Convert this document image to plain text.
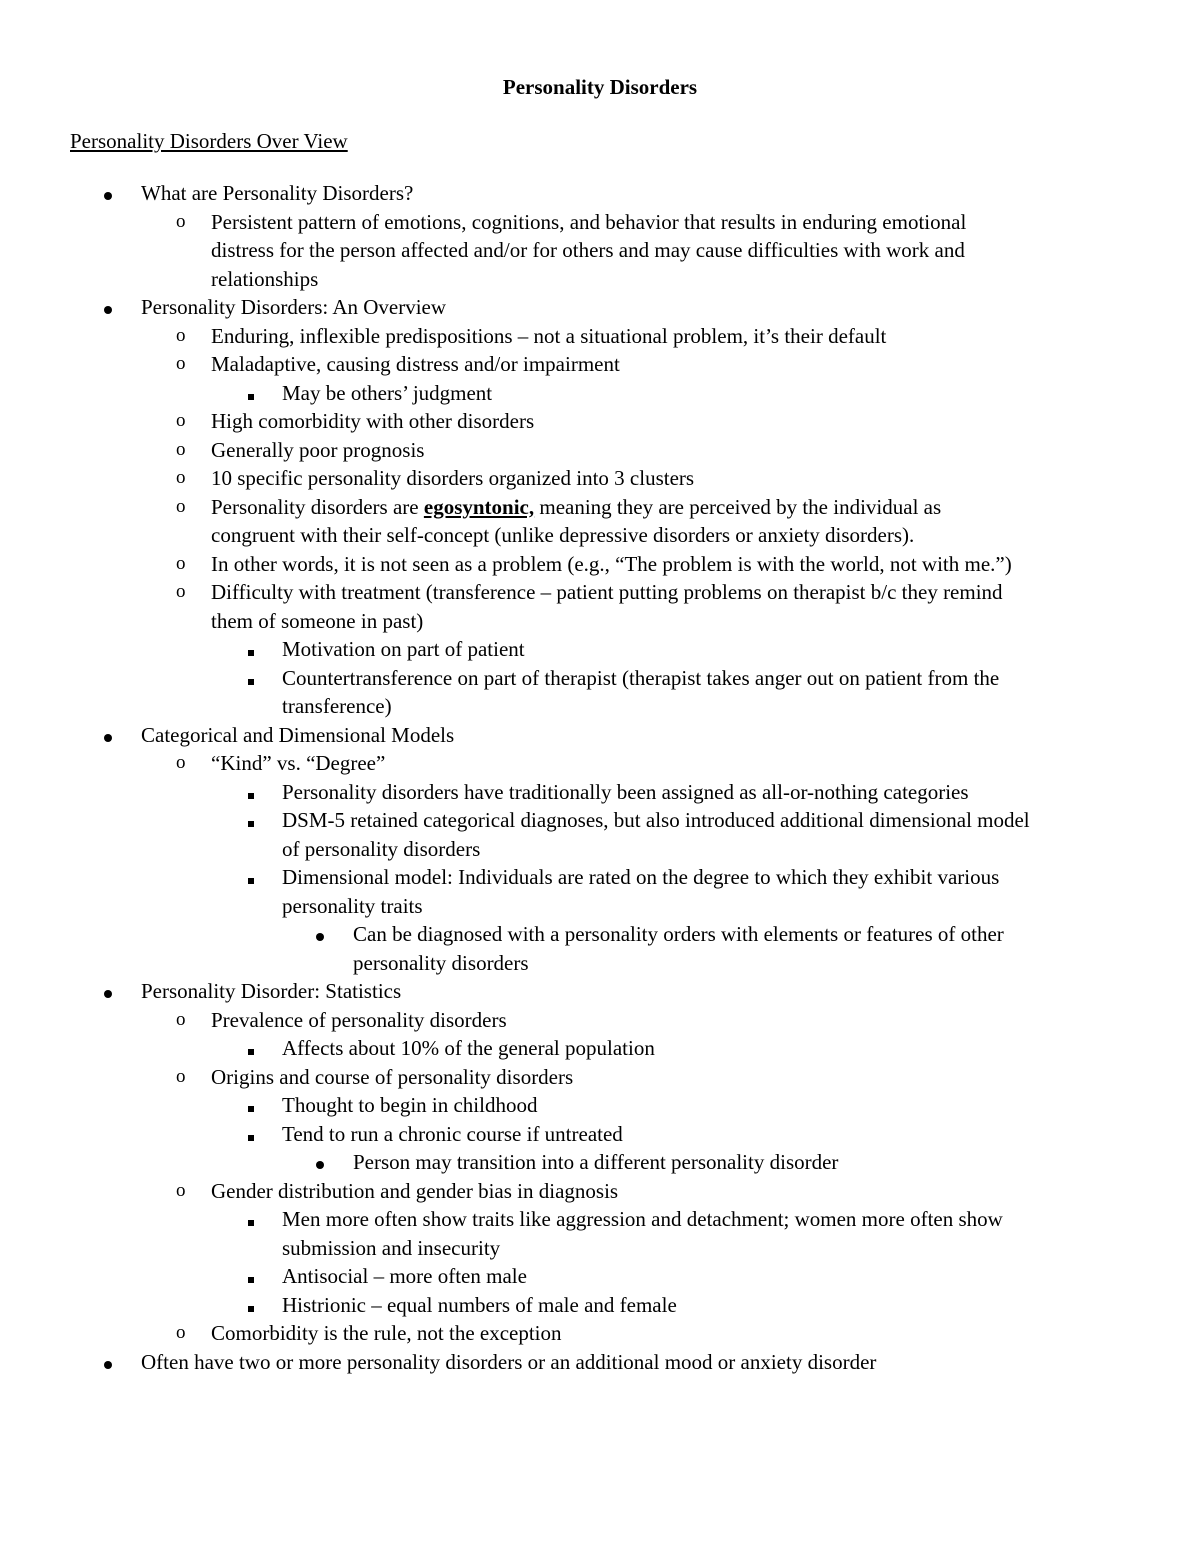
Personality Disorders
Personality Disorders Over View
What are Personality Disorders?
o Persistent pattern of emotions, cognitions, and behavior that results in enduring emotional
distress for the person affected and/or for others and may cause difficulties with work and
relationships
Personality Disorders: An Overview
o Enduring, inflexible predispositions – not a situational problem, it’s their default
o Maladaptive, causing distress and/or impairment
May be others’ judgment
o High comorbidity with other disorders
o Generally poor prognosis
o 10 specific personality disorders organized into 3 clusters
o Personality disorders are egosyntonic, meaning they are perceived by the individual as
congruent with their self-concept (unlike depressive disorders or anxiety disorders).
o In other words, it is not seen as a problem (e.g., “The problem is with the world, not with me.”)
o Difficulty with treatment (transference – patient putting problems on therapist b/c they remind
them of someone in past)
Motivation on part of patient
Countertransference on part of therapist (therapist takes anger out on patient from the
transference)
Categorical and Dimensional Models
o “Kind” vs. “Degree”
Personality disorders have traditionally been assigned as all-or-nothing categories
DSM-5 retained categorical diagnoses, but also introduced additional dimensional model
of personality disorders
Dimensional model: Individuals are rated on the degree to which they exhibit various
personality traits
Can be diagnosed with a personality orders with elements or features of other
personality disorders
Personality Disorder: Statistics
o Prevalence of personality disorders
Affects about 10% of the general population
o Origins and course of personality disorders
Thought to begin in childhood
Tend to run a chronic course if untreated
Person may transition into a different personality disorder
o Gender distribution and gender bias in diagnosis
Men more often show traits like aggression and detachment; women more often show
submission and insecurity
Antisocial – more often male
Histrionic – equal numbers of male and female
o Comorbidity is the rule, not the exception
Often have two or more personality disorders or an additional mood or anxiety disorder
